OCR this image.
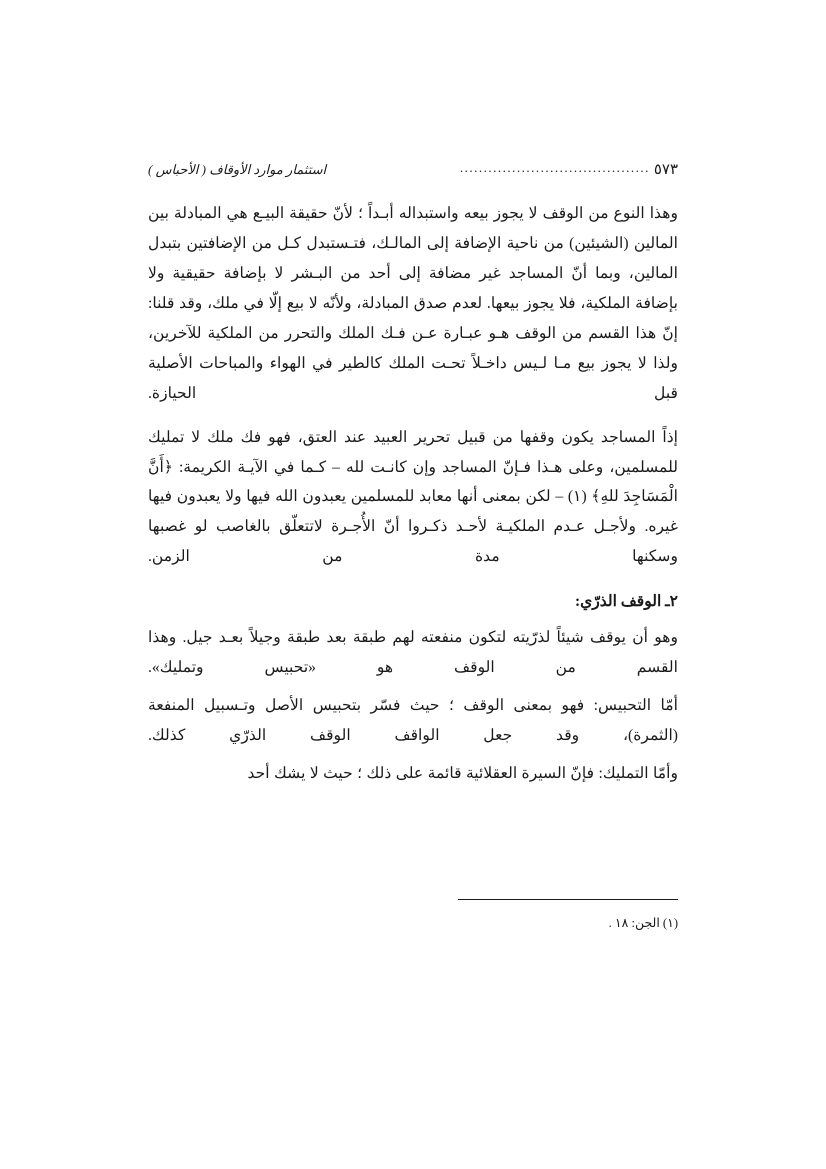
٥٧٣
........................................
استثمار موارد الأوقاف ( الأحباس )

وهذا النوع من الوقف لا يجوز بيعه واستبداله أبـداً ؛ لأنّ حقيقة البيـع هي المبادلة بين المالين (الشيئين) من ناحية الإضافة إلى المالـك، فتـستبدل كـل من الإضافتين بتبدل المالين، وبما أنّ المساجد غير مضافة إلى أحد من البـشر لا بإضافة حقيقية ولا بإضافة الملكية، فلا يجوز بيعها. لعدم صدق المبادلة، ولأنّه لا بيع إلّا في ملك، وقد قلنا: إنّ هذا القسم من الوقف هـو عبـارة عـن فـك الملك والتحرر من الملكية للآخرين، ولذا لا يجوز بيع مـا لـيس داخـلاً تحـت الملك كالطير في الهواء والمباحات الأصلية قبل الحيازة.

إذاً المساجد يكون وقفها من قبيل تحرير العبيد عند العتق، فهو فك ملك لا تمليك للمسلمين، وعلى هـذا فـإنّ المساجد وإن كانـت لله – كـما في الآيـة الكريمة: ﴿أَنَّ الْمَسَاجِدَ للهِ﴾ (١) – لكن بمعنى أنها معابد للمسلمين يعبدون الله فيها ولا يعبدون فيها غيره. ولأجـل عـدم الملكيـة لأحـد ذكـروا أنّ الأُجـرة لاتتعلّق بالغاصب لو غصبها وسكنها مدة من الزمن.

٢ـ الوقف الذرّي:

وهو أن يوقف شيئاً لذرّيته لتكون منفعته لهم طبقة بعد طبقة وجيلاً بعـد جيل. وهذا القسم من الوقف هو «تحبيس وتمليك».

أمّا التحبيس: فهو بمعنى الوقف ؛ حيث فسّر بتحبيس الأصل وتـسبيل المنفعة (الثمرة)، وقد جعل الواقف الوقف الذرّي كذلك.

وأمّا التمليك: فإنّ السيرة العقلائية قائمة على ذلك ؛ حيث لا يشك أحد

(١) الجن: ١٨ .
